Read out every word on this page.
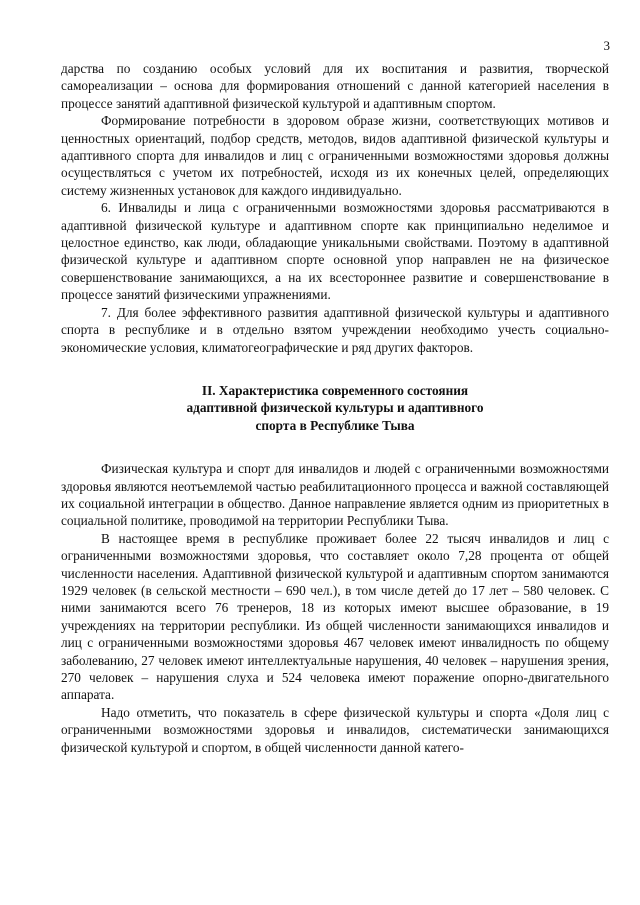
3

дарства по созданию особых условий для их воспитания и развития, творческой самореализации – основа для формирования отношений с данной категорией населения в процессе занятий адаптивной физической культурой и адаптивным спортом.

Формирование потребности в здоровом образе жизни, соответствующих мотивов и ценностных ориентаций, подбор средств, методов, видов адаптивной физической культуры и адаптивного спорта для инвалидов и лиц с ограниченными возможностями здоровья должны осуществляться с учетом их потребностей, исходя из их конечных целей, определяющих систему жизненных установок для каждого индивидуально.

6. Инвалиды и лица с ограниченными возможностями здоровья рассматриваются в адаптивной физической культуре и адаптивном спорте как принципиально неделимое и целостное единство, как люди, обладающие уникальными свойствами. Поэтому в адаптивной физической культуре и адаптивном спорте основной упор направлен не на физическое совершенствование занимающихся, а на их всестороннее развитие и совершенствование в процессе занятий физическими упражнениями.

7. Для более эффективного развития адаптивной физической культуры и адаптивного спорта в республике и в отдельно взятом учреждении необходимо учесть социально-экономические условия, климатогеографические и ряд других факторов.

II. Характеристика современного состояния
адаптивной физической культуры и адаптивного
спорта в Республике Тыва

Физическая культура и спорт для инвалидов и людей с ограниченными возможностями здоровья являются неотъемлемой частью реабилитационного процесса и важной составляющей их социальной интеграции в общество. Данное направление является одним из приоритетных в социальной политике, проводимой на территории Республики Тыва.

В настоящее время в республике проживает более 22 тысяч инвалидов и лиц с ограниченными возможностями здоровья, что составляет около 7,28 процента от общей численности населения. Адаптивной физической культурой и адаптивным спортом занимаются 1929 человек (в сельской местности – 690 чел.), в том числе детей до 17 лет – 580 человек. С ними занимаются всего 76 тренеров, 18 из которых имеют высшее образование, в 19 учреждениях на территории республики. Из общей численности занимающихся инвалидов и лиц с ограниченными возможностями здоровья 467 человек имеют инвалидность по общему заболеванию, 27 человек имеют интеллектуальные нарушения, 40 человек – нарушения зрения, 270 человек – нарушения слуха и 524 человека имеют поражение опорно-двигательного аппарата.

Надо отметить, что показатель в сфере физической культуры и спорта «Доля лиц с ограниченными возможностями здоровья и инвалидов, систематически занимающихся физической культурой и спортом, в общей численности данной катего-
